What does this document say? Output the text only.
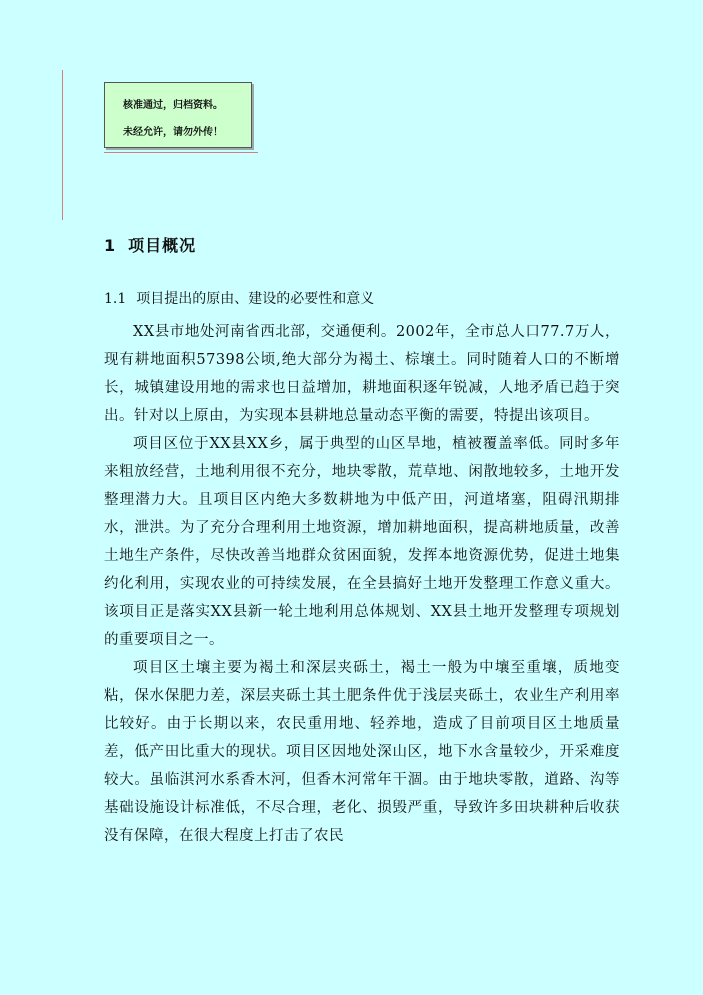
核准通过，归档资料。
未经允许，请勿外传！
1 项目概况
1.1 项目提出的原由、建设的必要性和意义

XX县市地处河南省西北部，交通便利。2002年，全市总人口77.7万人， 现有耕地面积57398公顷,绝大部分为褐土、棕壤土。同时随着人口的不断增长，城镇建设用地的需求也日益增加，耕地面积逐年锐减，人地矛盾已趋于突出。针对以上原由，为实现本县耕地总量动态平衡的需要，特提出该项目。

项目区位于XX县XX乡，属于典型的山区旱地，植被覆盖率低。同时多年来粗放经营，土地利用很不充分，地块零散，荒草地、闲散地较多，土地开发整理潜力大。且项目区内绝大多数耕地为中低产田，河道堵塞，阻碍汛期排水，泄洪。为了充分合理利用土地资源，增加耕地面积，提高耕地质量，改善土地生产条件，尽快改善当地群众贫困面貌，发挥本地资源优势，促进土地集约化利用，实现农业的可持续发展，在全县搞好土地开发整理工作意义重大。该项目正是落实XX县新一轮土地利用总体规划、XX县土地开发整理专项规划的重要项目之一。

项目区土壤主要为褐土和深层夹砾土，褐土一般为中壤至重壤，质地变粘，保水保肥力差，深层夹砾土其土肥条件优于浅层夹砾土，农业生产利用率比较好。由于长期以来，农民重用地、轻养地，造成了目前项目区土地质量差，低产田比重大的现状。项目区因地处深山区，地下水含量较少，开采难度较大。虽临淇河水系香木河，但香木河常年干涸。由于地块零散，道路、沟等基础设施设计标准低，不尽合理，老化、损毁严重，导致许多田块耕种后收获没有保障，在很大程度上打击了农民
